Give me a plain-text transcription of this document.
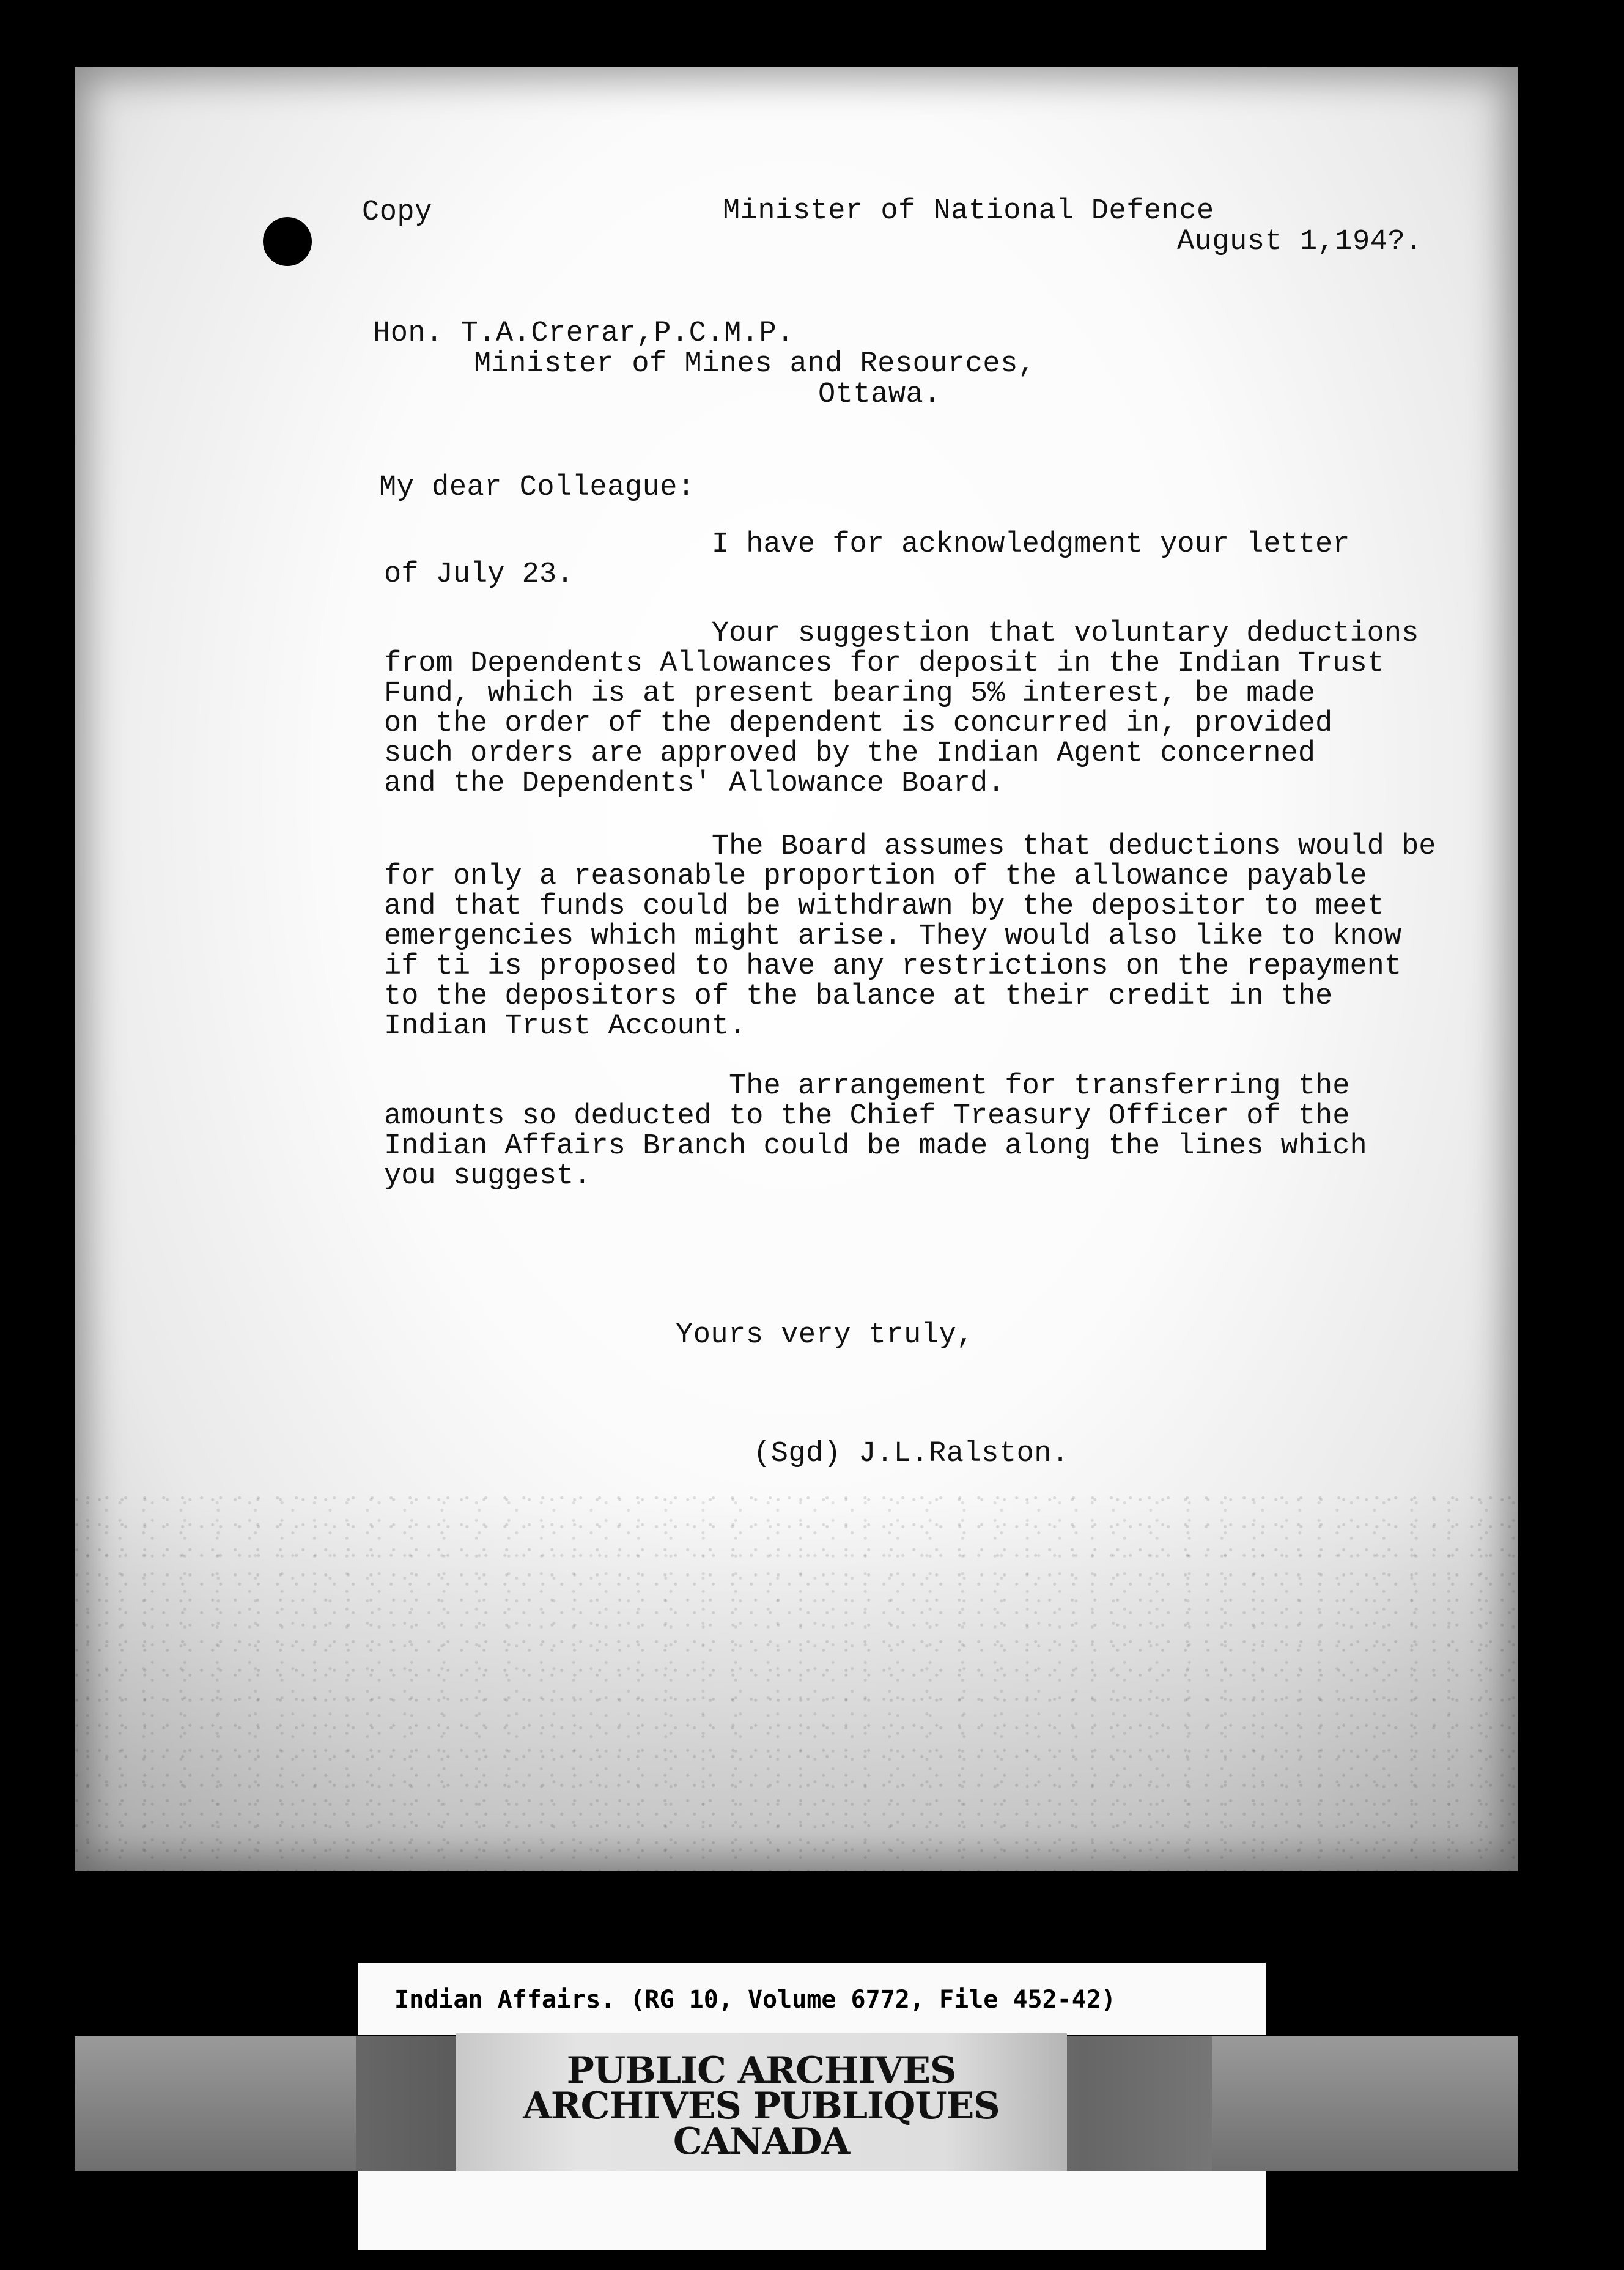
Copy	Minister of National Defence
August 1,194?.
Hon. T.A.Crerar,P.C.M.P.
Minister of Mines and Resources,
Ottawa.
My dear Colleague:
I have for acknowledgment your letter
of July 23.
Your suggestion that voluntary deductions
from Dependents Allowances for deposit in the Indian Trust
Fund, which is at present bearing 5% interest, be made
on the order of the dependent is concurred in, provided
such orders are approved by the Indian Agent concerned
and the Dependents' Allowance Board.
The Board assumes that deductions would be
for only a reasonable proportion of the allowance payable
and that funds could be withdrawn by the depositor to meet
emergencies which might arise. They would also like to know
if ti is proposed to have any restrictions on the repayment
to the depositors of the balance at their credit in the
Indian Trust Account.
The arrangement for transferring the
amounts so deducted to the Chief Treasury Officer of the
Indian Affairs Branch could be made along the lines which
you suggest.
Yours very truly,
(Sgd) J.L.Ralston.
Indian Affairs. (RG 10, Volume 6772, File 452-42)
PUBLIC ARCHIVES
ARCHIVES PUBLIQUES
CANADA
